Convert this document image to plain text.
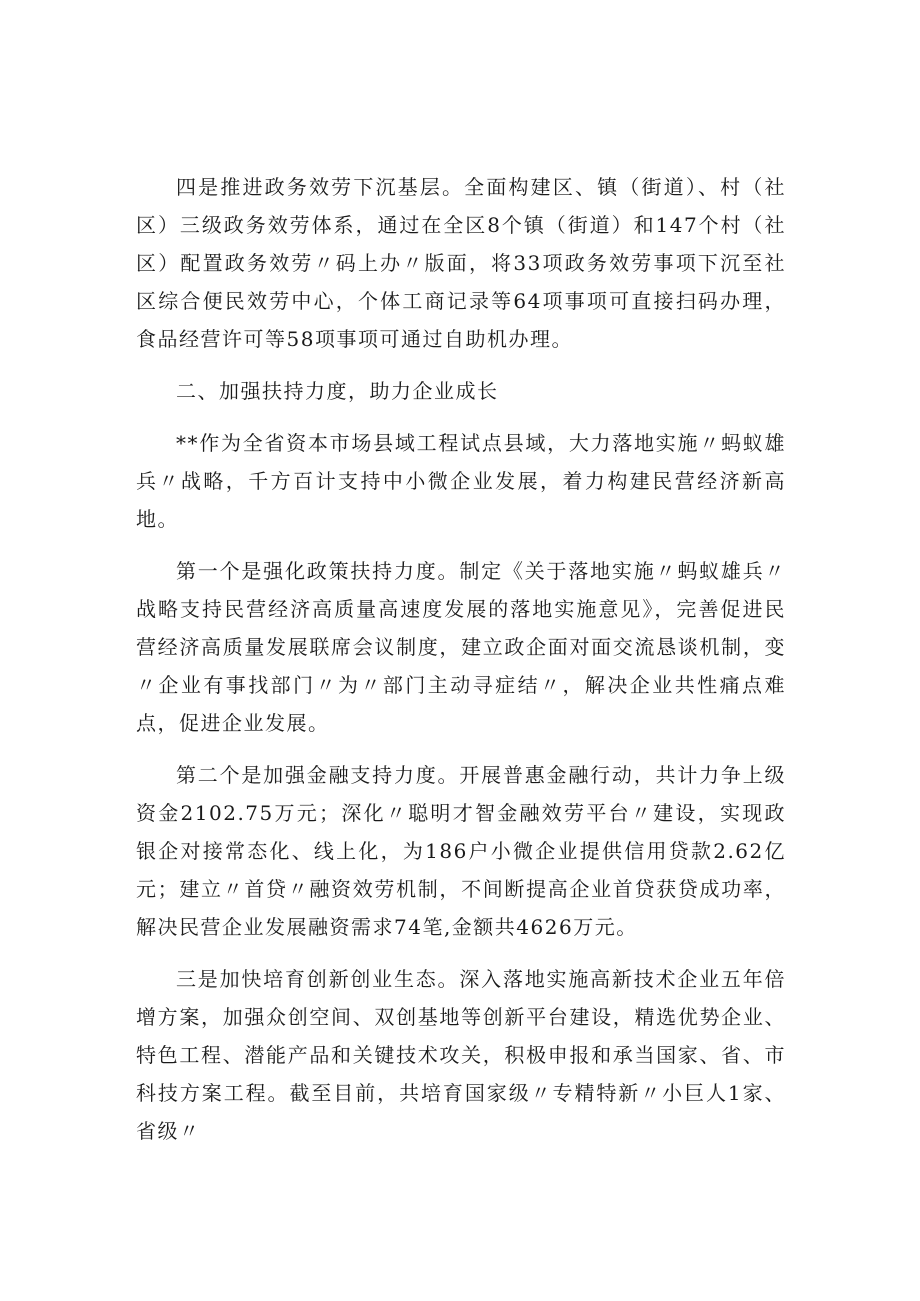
四是推进政务效劳下沉基层。全面构建区、镇（街道）、村（社区）三级政务效劳体系，通过在全区8个镇（街道）和147个村（社区）配置政务效劳〃码上办〃版面，将33项政务效劳事项下沉至社区综合便民效劳中心，个体工商记录等64项事项可直接扫码办理，食品经营许可等58项事项可通过自助机办理。

二、加强扶持力度，助力企业成长

**作为全省资本市场县域工程试点县域，大力落地实施〃蚂蚁雄兵〃战略，千方百计支持中小微企业发展，着力构建民营经济新高地。

第一个是强化政策扶持力度。制定《关于落地实施〃蚂蚁雄兵〃战略支持民营经济高质量高速度发展的落地实施意见》，完善促进民营经济高质量发展联席会议制度，建立政企面对面交流恳谈机制，变〃企业有事找部门〃为〃部门主动寻症结〃，解决企业共性痛点难点，促进企业发展。

第二个是加强金融支持力度。开展普惠金融行动，共计力争上级资金2102.75万元；深化〃聪明才智金融效劳平台〃建设，实现政银企对接常态化、线上化，为186户小微企业提供信用贷款2.62亿元；建立〃首贷〃融资效劳机制，不间断提高企业首贷获贷成功率，解决民营企业发展融资需求74笔,金额共4626万元。

三是加快培育创新创业生态。深入落地实施高新技术企业五年倍增方案，加强众创空间、双创基地等创新平台建设，精选优势企业、特色工程、潜能产品和关键技术攻关，积极申报和承当国家、省、市科技方案工程。截至目前，共培育国家级〃专精特新〃小巨人1家、省级〃
